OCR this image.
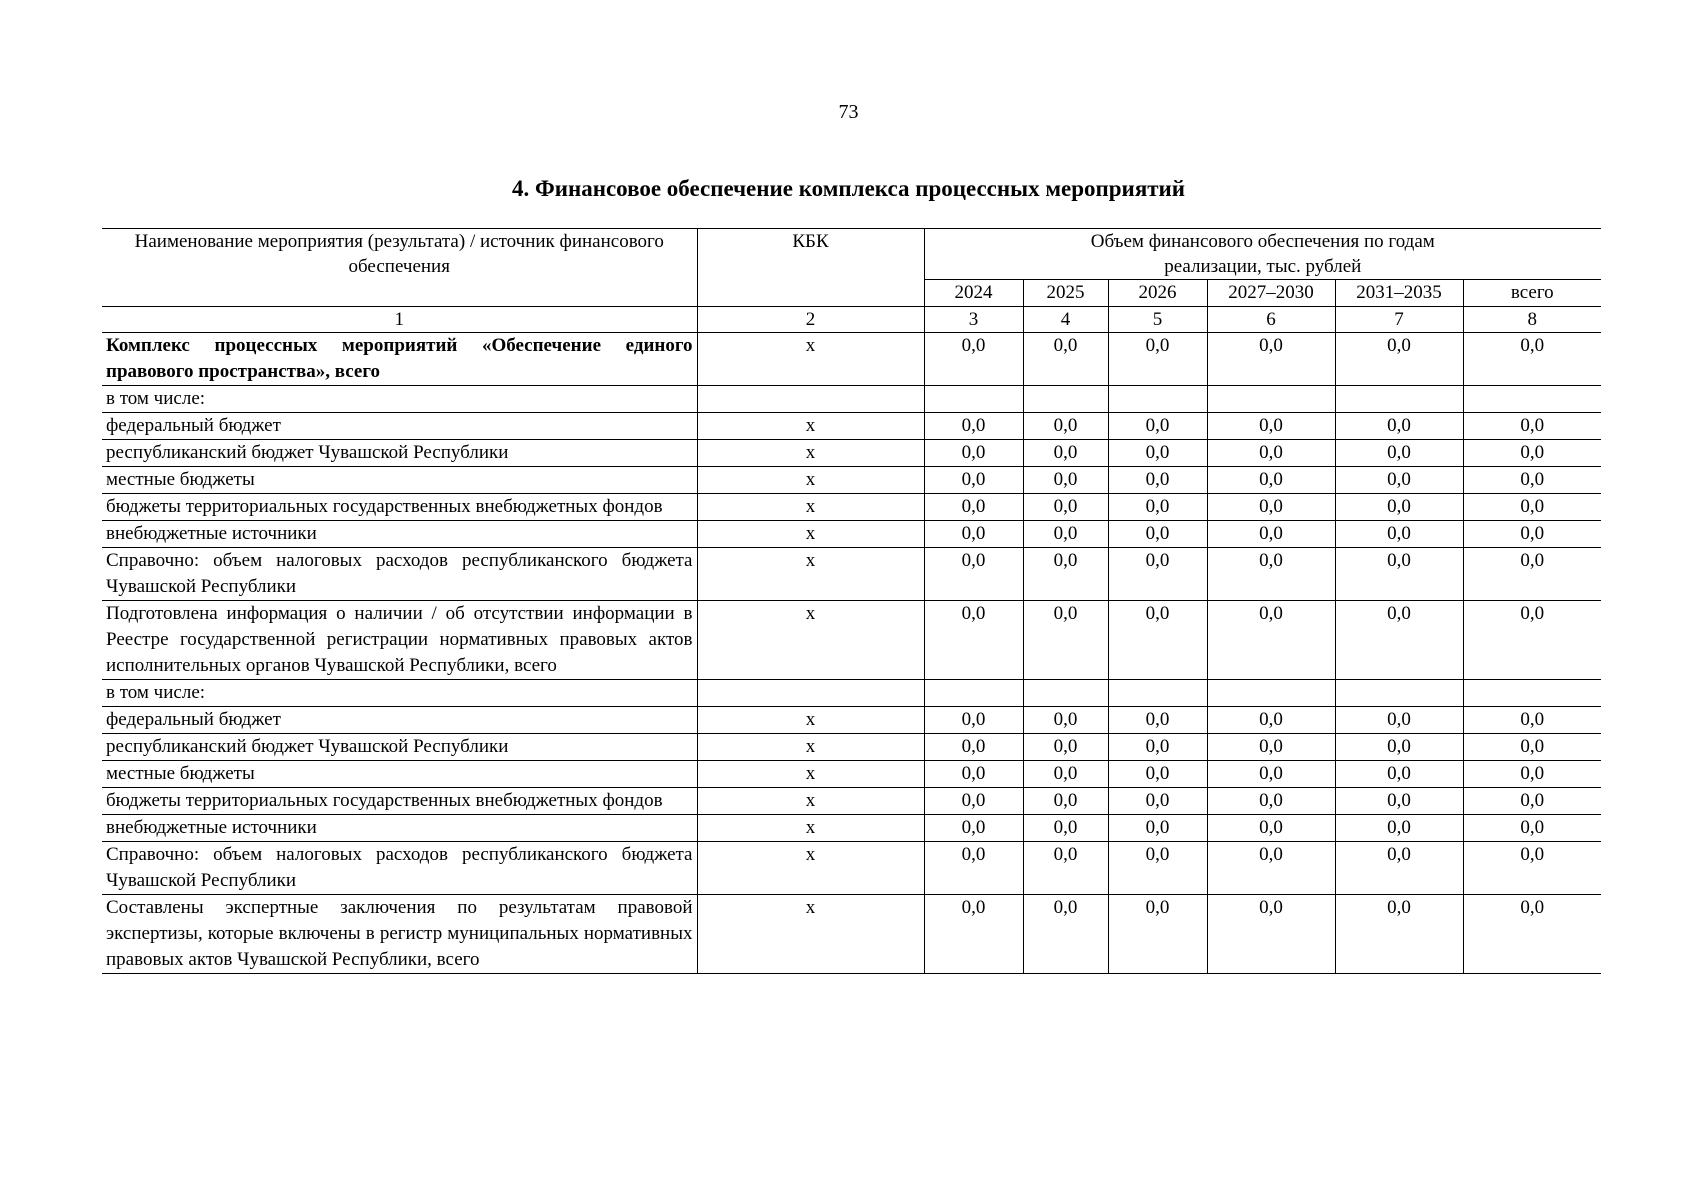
73
4. Финансовое обеспечение комплекса процессных мероприятий
Наименование мероприятия (результата) / источник финансового обеспечения	КБК	Объем финансового обеспечения по годам реализации, тыс. рублей					
		2024	2025	2026	2027–2030	2031–2035	всего
1	2	3	4	5	6	7	8
Комплекс процессных мероприятий «Обеспечение единого правового пространства», всего	х	0,0	0,0	0,0	0,0	0,0	0,0
в том числе:							
федеральный бюджет	х	0,0	0,0	0,0	0,0	0,0	0,0
республиканский бюджет Чувашской Республики	х	0,0	0,0	0,0	0,0	0,0	0,0
местные бюджеты	х	0,0	0,0	0,0	0,0	0,0	0,0
бюджеты территориальных государственных внебюджетных фондов	х	0,0	0,0	0,0	0,0	0,0	0,0
внебюджетные источники	х	0,0	0,0	0,0	0,0	0,0	0,0
Справочно: объем налоговых расходов республиканского бюджета Чувашской Республики	х	0,0	0,0	0,0	0,0	0,0	0,0
Подготовлена информация о наличии / об отсутствии информации в Реестре государственной регистрации нормативных правовых актов исполнительных органов Чувашской Республики, всего	х	0,0	0,0	0,0	0,0	0,0	0,0
в том числе:							
федеральный бюджет	х	0,0	0,0	0,0	0,0	0,0	0,0
республиканский бюджет Чувашской Республики	х	0,0	0,0	0,0	0,0	0,0	0,0
местные бюджеты	х	0,0	0,0	0,0	0,0	0,0	0,0
бюджеты территориальных государственных внебюджетных фондов	х	0,0	0,0	0,0	0,0	0,0	0,0
внебюджетные источники	х	0,0	0,0	0,0	0,0	0,0	0,0
Справочно: объем налоговых расходов республиканского бюджета Чувашской Республики	х	0,0	0,0	0,0	0,0	0,0	0,0
Составлены экспертные заключения по результатам правовой экспертизы, которые включены в регистр муниципальных нормативных правовых актов Чувашской Республики, всего	х	0,0	0,0	0,0	0,0	0,0	0,0
